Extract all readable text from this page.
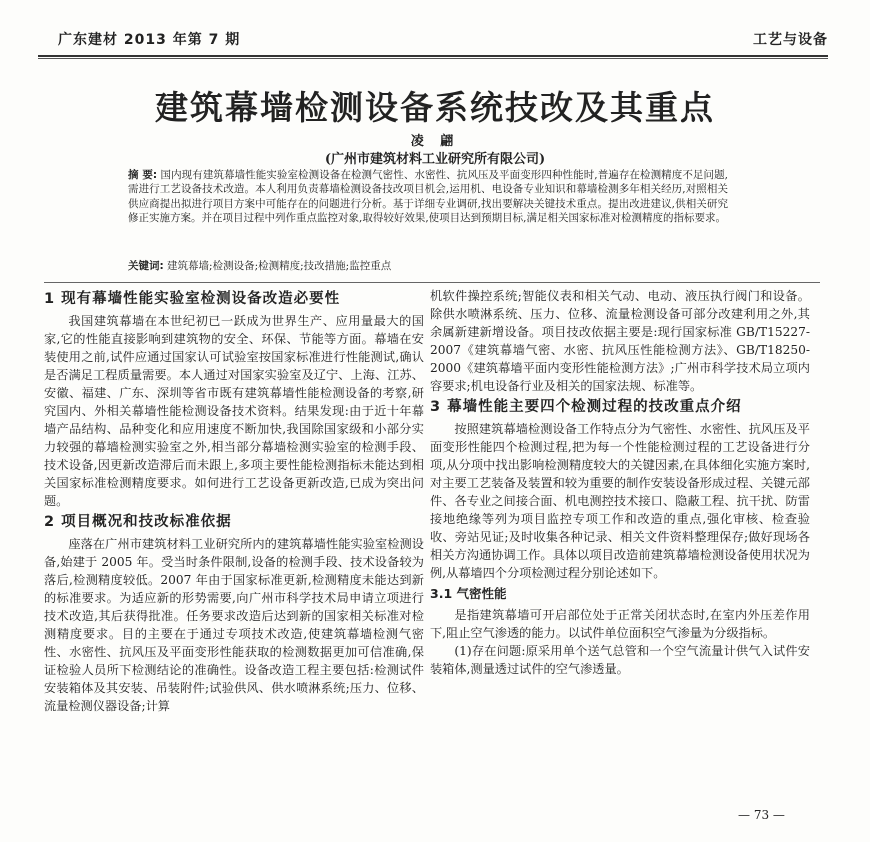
广东建材 2013 年第 7 期	工艺与设备
建筑幕墙检测设备系统技改及其重点
凌 翩
(广州市建筑材料工业研究所有限公司)
摘 要: 国内现有建筑幕墙性能实验室检测设备在检测气密性、水密性、抗风压及平面变形四种性能时,普遍存在检测精度不足问题,需进行工艺设备技术改造。本人利用负责幕墙检测设备技改项目机会,运用机、电设备专业知识和幕墙检测多年相关经历,对照相关供应商提出拟进行项目方案中可能存在的问题进行分析。基于详细专业调研,找出要解决关键技术重点。提出改进建议,供相关研究修正实施方案。并在项目过程中列作重点监控对象,取得较好效果,使项目达到预期目标,满足相关国家标准对检测精度的指标要求。
关键词: 建筑幕墙;检测设备;检测精度;技改措施;监控重点
1 现有幕墙性能实验室检测设备改造必要性

我国建筑幕墙在本世纪初已一跃成为世界生产、应用量最大的国家,它的性能直接影响到建筑物的安全、环保、节能等方面。幕墙在安装使用之前,试件应通过国家认可试验室按国家标准进行性能测试,确认是否满足工程质量需要。本人通过对国家实验室及辽宁、上海、江苏、安徽、福建、广东、深圳等省市既有建筑幕墙性能检测设备的考察,研究国内、外相关幕墙性能检测设备技术资料。结果发现:由于近十年幕墙产品结构、品种变化和应用速度不断加快,我国除国家级和小部分实力较强的幕墙检测实验室之外,相当部分幕墙检测实验室的检测手段、技术设备,因更新改造滞后而未跟上,多项主要性能检测指标未能达到相关国家标准检测精度要求。如何进行工艺设备更新改造,已成为突出问题。

2 项目概况和技改标准依据

座落在广州市建筑材料工业研究所内的建筑幕墙性能实验室检测设备,始建于 2005 年。受当时条件限制,设备的检测手段、技术设备较为落后,检测精度较低。2007 年由于国家标准更新,检测精度未能达到新的标准要求。为适应新的形势需要,向广州市科学技术局申请立项进行技术改造,其后获得批准。任务要求改造后达到新的国家相关标准对检测精度要求。目的主要在于通过专项技术改造,使建筑幕墙检测气密性、水密性、抗风压及平面变形性能获取的检测数据更加可信准确,保证检验人员所下检测结论的准确性。设备改造工程主要包括:检测试件安装箱体及其安装、吊装附件;试验供风、供水喷淋系统;压力、位移、流量检测仪器设备;计算

机软件操控系统;智能仪表和相关气动、电动、液压执行阀门和设备。除供水喷淋系统、压力、位移、流量检测设备可部分改建利用之外,其余属新建新增设备。项目技改依据主要是:现行国家标准 GB/T15227-2007《建筑幕墙气密、水密、抗风压性能检测方法》、GB/T18250-2000《建筑幕墙平面内变形性能检测方法》;广州市科学技术局立项内容要求;机电设备行业及相关的国家法规、标准等。

3 幕墙性能主要四个检测过程的技改重点介绍

按照建筑幕墙检测设备工作特点分为气密性、水密性、抗风压及平面变形性能四个检测过程,把为每一个性能检测过程的工艺设备进行分项,从分项中找出影响检测精度较大的关键因素,在具体细化实施方案时,对主要工艺装备及装置和较为重要的制作安装设备形成过程、关键元部件、各专业之间接合面、机电测控技术接口、隐蔽工程、抗干扰、防雷接地绝缘等列为项目监控专项工作和改造的重点,强化审核、检查验收、旁站见证;及时收集各种记录、相关文件资料整理保存;做好现场各相关方沟通协调工作。具体以项目改造前建筑幕墙检测设备使用状况为例,从幕墙四个分项检测过程分别论述如下。

3.1 气密性能

是指建筑幕墙可开启部位处于正常关闭状态时,在室内外压差作用下,阻止空气渗透的能力。以试件单位面积空气渗量为分级指标。

(1)存在问题:原采用单个送气总管和一个空气流量计供气入试件安装箱体,测量透过试件的空气渗透量。

— 73 —
